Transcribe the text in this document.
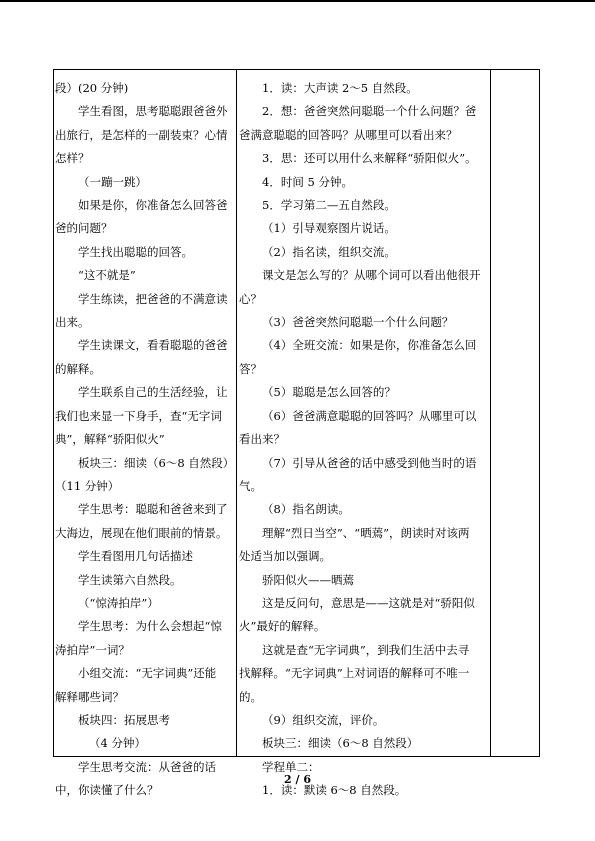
段）(20 分钟)
学生看图，思考聪聪跟爸爸外
出旅行，是怎样的一副装束？心情
怎样？
（一蹦一跳）
如果是你，你准备怎么回答爸
爸的问题？
学生找出聪聪的回答。
“这不就是”
学生练读，把爸爸的不满意读
出来。
学生读课文，看看聪聪的爸爸
的解释。
学生联系自己的生活经验，让
我们也来显一下身手，查“无字词
典”，解释“骄阳似火”
板块三：细读（6～8 自然段）
（11 分钟）
学生思考：聪聪和爸爸来到了
大海边，展现在他们眼前的情景。
学生看图用几句话描述
学生读第六自然段。
（“惊涛拍岸”）
学生思考：为什么会想起“惊
涛拍岸”一词？
小组交流：“无字词典”还能
解释哪些词？
板块四：拓展思考
（4 分钟）
学生思考交流：从爸爸的话
中，你读懂了什么？
1．读：大声读 2～5 自然段。
2．想：爸爸突然问聪聪一个什么问题？爸
爸满意聪聪的回答吗？从哪里可以看出来？
3．思：还可以用什么来解释“骄阳似火”。
4．时间 5 分钟。
5．学习第二—五自然段。
（1）引导观察图片说话。
（2）指名读，组织交流。
课文是怎么写的？从哪个词可以看出他很开
心？
（3）爸爸突然问聪聪一个什么问题？
（4）全班交流：如果是你，你准备怎么回
答？
（5）聪聪是怎么回答的？
（6）爸爸满意聪聪的回答吗？从哪里可以
看出来？
（7）引导从爸爸的话中感受到他当时的语
气。
（8）指名朗读。
理解“烈日当空”、“晒蔫”，朗读时对该两
处适当加以强调。
骄阳似火——晒蔫
这是反问句，意思是——这就是对“骄阳似
火”最好的解释。
这就是查“无字词典”，到我们生活中去寻
找解释。“无字词典”上对词语的解释可不唯一
的。
（9）组织交流，评价。
板块三：细读（6～8 自然段）
学程单二：
1．读：默读 6～8 自然段。
2 / 6
